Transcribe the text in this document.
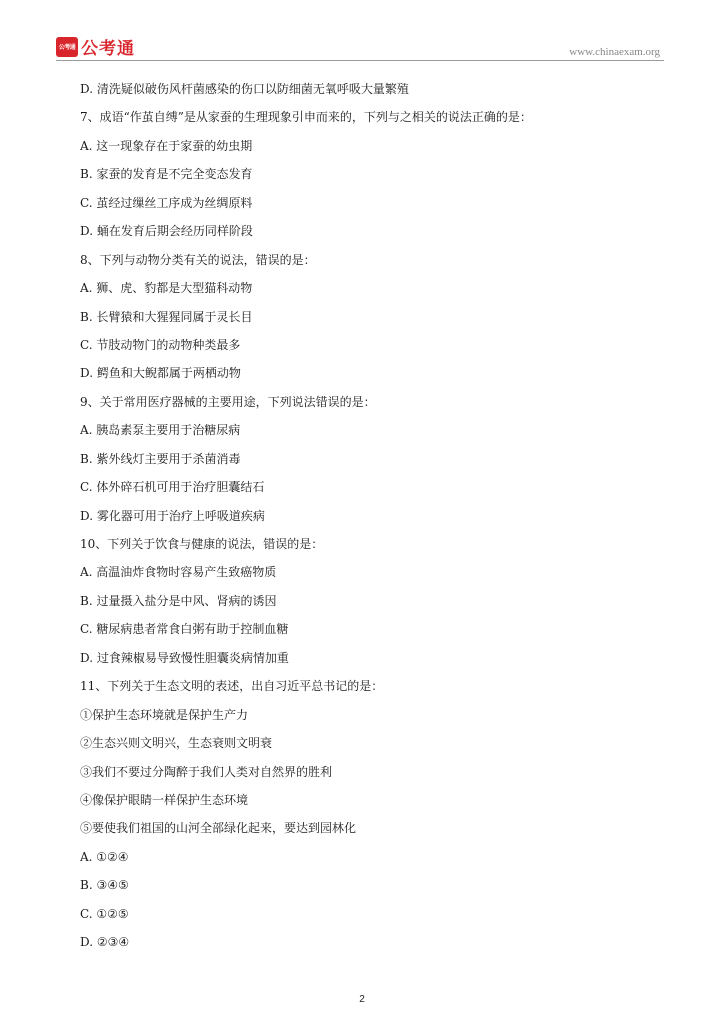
公考通 公考通	www.chinaexam.org
D. 清洗疑似破伤风杆菌感染的伤口以防细菌无氧呼吸大量繁殖
7、成语“作茧自缚”是从家蚕的生理现象引申而来的，下列与之相关的说法正确的是：
A. 这一现象存在于家蚕的幼虫期
B. 家蚕的发育是不完全变态发育
C. 茧经过缫丝工序成为丝绸原料
D. 蛹在发育后期会经历同样阶段
8、下列与动物分类有关的说法，错误的是：
A. 狮、虎、豹都是大型猫科动物
B. 长臂猿和大猩猩同属于灵长目
C. 节肢动物门的动物种类最多
D. 鳄鱼和大鲵都属于两栖动物
9、关于常用医疗器械的主要用途，下列说法错误的是：
A. 胰岛素泵主要用于治糖尿病
B. 紫外线灯主要用于杀菌消毒
C. 体外碎石机可用于治疗胆囊结石
D. 雾化器可用于治疗上呼吸道疾病
10、下列关于饮食与健康的说法，错误的是：
A. 高温油炸食物时容易产生致癌物质
B. 过量摄入盐分是中风、肾病的诱因
C. 糖尿病患者常食白粥有助于控制血糖
D. 过食辣椒易导致慢性胆囊炎病情加重
11、下列关于生态文明的表述，出自习近平总书记的是：
①保护生态环境就是保护生产力
②生态兴则文明兴，生态衰则文明衰
③我们不要过分陶醉于我们人类对自然界的胜利
④像保护眼睛一样保护生态环境
⑤要使我们祖国的山河全部绿化起来，要达到园林化
A. ①②④
B. ③④⑤
C. ①②⑤
D. ②③④
2
